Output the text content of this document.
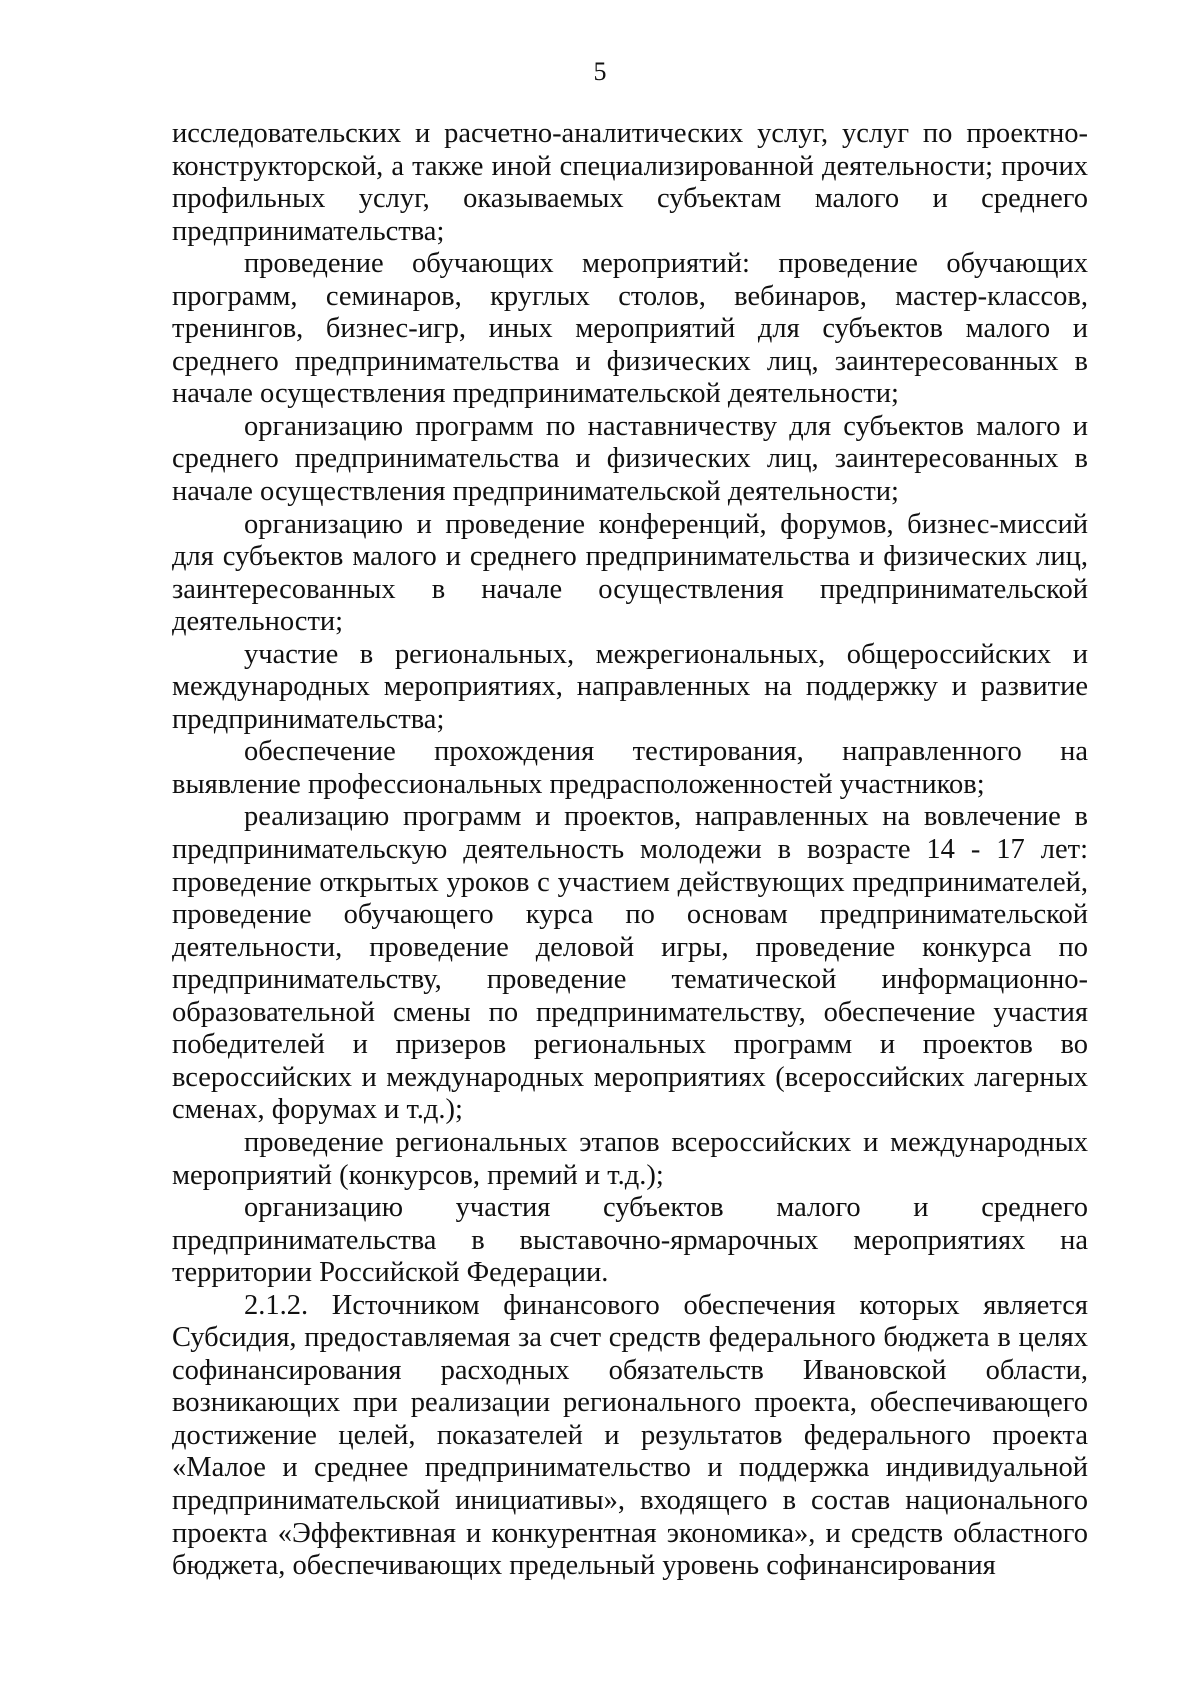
5

исследовательских и расчетно-аналитических услуг, услуг по проектно-конструкторской, а также иной специализированной деятельности; прочих профильных услуг, оказываемых субъектам малого и среднего предпринимательства;

проведение обучающих мероприятий: проведение обучающих программ, семинаров, круглых столов, вебинаров, мастер-классов, тренингов, бизнес-игр, иных мероприятий для субъектов малого и среднего предпринимательства и физических лиц, заинтересованных в начале осуществления предпринимательской деятельности;

организацию программ по наставничеству для субъектов малого и среднего предпринимательства и физических лиц, заинтересованных в начале осуществления предпринимательской деятельности;

организацию и проведение конференций, форумов, бизнес-миссий для субъектов малого и среднего предпринимательства и физических лиц, заинтересованных в начале осуществления предпринимательской деятельности;

участие в региональных, межрегиональных, общероссийских и международных мероприятиях, направленных на поддержку и развитие предпринимательства;

обеспечение прохождения тестирования, направленного на выявление профессиональных предрасположенностей участников;

реализацию программ и проектов, направленных на вовлечение в предпринимательскую деятельность молодежи в возрасте 14 - 17 лет: проведение открытых уроков с участием действующих предпринимателей, проведение обучающего курса по основам предпринимательской деятельности, проведение деловой игры, проведение конкурса по предпринимательству, проведение тематической информационно-образовательной смены по предпринимательству, обеспечение участия победителей и призеров региональных программ и проектов во всероссийских и международных мероприятиях (всероссийских лагерных сменах, форумах и т.д.);

проведение региональных этапов всероссийских и международных мероприятий (конкурсов, премий и т.д.);

организацию участия субъектов малого и среднего предпринимательства в выставочно-ярмарочных мероприятиях на территории Российской Федерации.

2.1.2. Источником финансового обеспечения которых является Субсидия, предоставляемая за счет средств федерального бюджета в целях софинансирования расходных обязательств Ивановской области, возникающих при реализации регионального проекта, обеспечивающего достижение целей, показателей и результатов федерального проекта «Малое и среднее предпринимательство и поддержка индивидуальной предпринимательской инициативы», входящего в состав национального проекта «Эффективная и конкурентная экономика», и средств областного бюджета, обеспечивающих предельный уровень софинансирования
